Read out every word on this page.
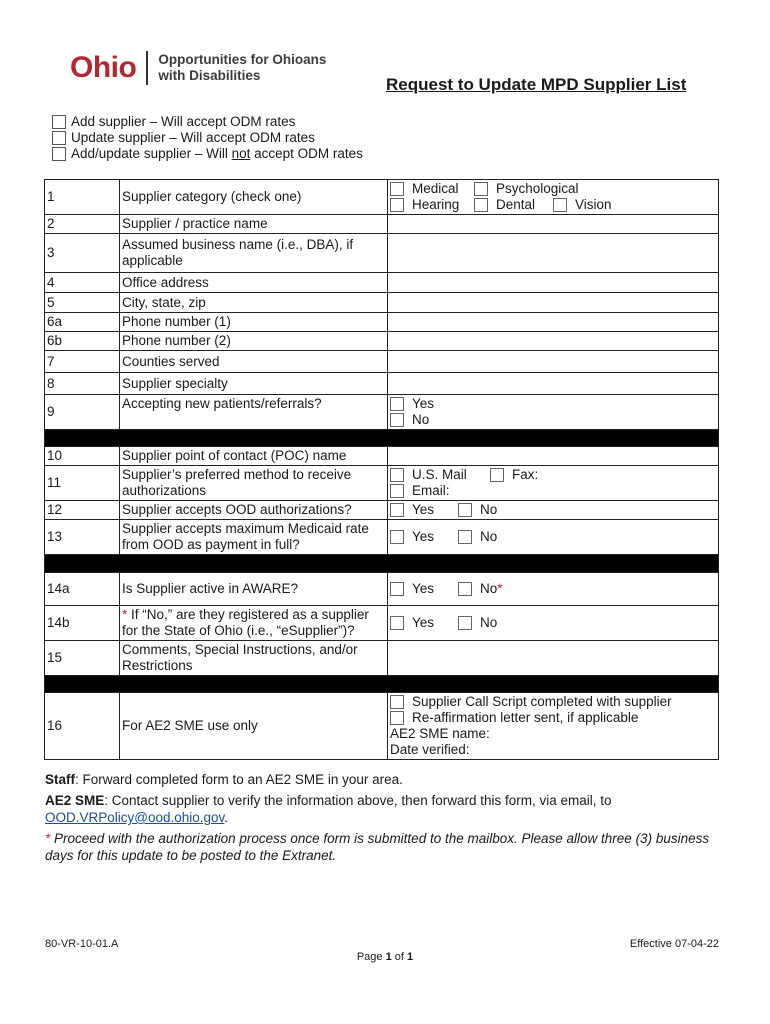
Ohio Opportunities for Ohioans
with Disabilities	Request to Update MPD Supplier List
Add supplier – Will accept ODM rates
Update supplier – Will accept ODM rates
Add/update supplier – Will not accept ODM rates
1	Supplier category (check one)	Medical Psychological
Hearing Dental Vision

2	Supplier / practice name	
3	Assumed business name (i.e., DBA), if applicable	
4	Office address	
5	City, state, zip	
6a	Phone number (1)	
6b	Phone number (2)	
7	Counties served	
8	Supplier specialty	
9	Accepting new patients/referrals?	Yes
No

10	Supplier point of contact (POC) name	
11	Supplier’s preferred method to receive authorizations	U.S. Mail Fax:
Email:

12	Supplier accepts OOD authorizations?	Yes No

13	Supplier accepts maximum Medicaid rate from OOD as payment in full?	Yes No

14a	Is Supplier active in AWARE?	Yes No *

14b	* If “No,” are they registered as a supplier for the State of Ohio (i.e., “eSupplier”)?	Yes No

15	Comments, Special Instructions, and/or Restrictions	

16	For AE2 SME use only	Supplier Call Script completed with supplier
Re-affirmation letter sent, if applicable
AE2 SME name:
Date verified:

Staff: Forward completed form to an AE2 SME in your area.

AE2 SME: Contact supplier to verify the information above, then forward this form, via email, to
OOD.VRPolicy@ood.ohio.gov.

* Proceed with the authorization process once form is submitted to the mailbox. Please allow three (3) business days for this update to be posted to the Extranet.

80-VR-10-01.A	Effective 07-04-22
Page 1 of 1
